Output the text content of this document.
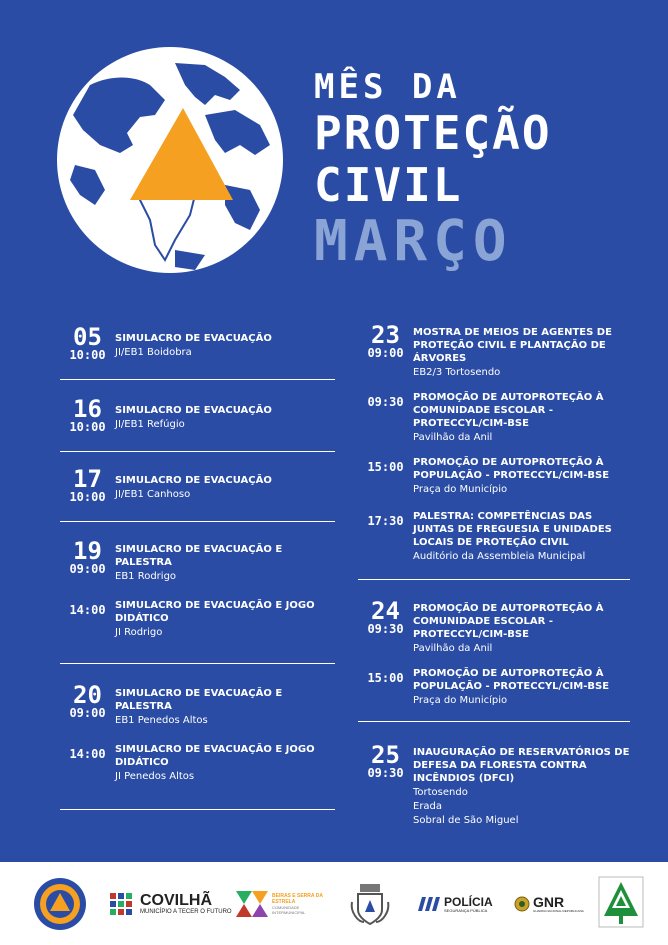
MÊS DA
PROTEÇÃO
CIVIL
MARÇO
05
10:00
SIMULACRO DE EVACUAÇÃO
JI/EB1 Boidobra
16
10:00
SIMULACRO DE EVACUAÇÃO
JI/EB1 Refúgio
17
10:00
SIMULACRO DE EVACUAÇÃO
JI/EB1 Canhoso
19
09:00
SIMULACRO DE EVACUAÇÃO E PALESTRA
EB1 Rodrigo
14:00 SIMULACRO DE EVACUAÇÃO E JOGO DIDÁTICO
JI Rodrigo
20
09:00
SIMULACRO DE EVACUAÇÃO E PALESTRA
EB1 Penedos Altos
14:00 SIMULACRO DE EVACUAÇÃO E JOGO DIDÁTICO
JI Penedos Altos
23
09:00
MOSTRA DE MEIOS DE AGENTES DE PROTEÇÃO CIVIL E PLANTAÇÃO DE ÁRVORES
EB2/3 Tortosendo
09:30 PROMOÇÃO DE AUTOPROTEÇÃO À COMUNIDADE ESCOLAR - PROTECCYL/CIM-BSE
Pavilhão da Anil
15:00 PROMOÇÃO DE AUTOPROTEÇÃO À POPULAÇÃO - PROTECCYL/CIM-BSE
Praça do Município
17:30 PALESTRA: COMPETÊNCIAS DAS JUNTAS DE FREGUESIA E UNIDADES LOCAIS DE PROTEÇÃO CIVIL
Auditório da Assembleia Municipal
24
09:30
PROMOÇÃO DE AUTOPROTEÇÃO À COMUNIDADE ESCOLAR - PROTECCYL/CIM-BSE
Pavilhão da Anil
15:00 PROMOÇÃO DE AUTOPROTEÇÃO À POPULAÇÃO - PROTECCYL/CIM-BSE
Praça do Município
25
09:30
INAUGURAÇÃO DE RESERVATÓRIOS DE DEFESA DA FLORESTA CONTRA INCÊNDIOS (DFCI)
Tortosendo
Erada
Sobral de São Miguel
COVILHÃ
MUNICÍPIO A TECER O FUTURO
BEIRAS E SERRA DA ESTRELA
COMUNIDADE INTERMUNICIPAL
POLÍCIA
SEGURANÇA PÚBLICA	GNR
GUARDA NACIONAL REPUBLICANA
